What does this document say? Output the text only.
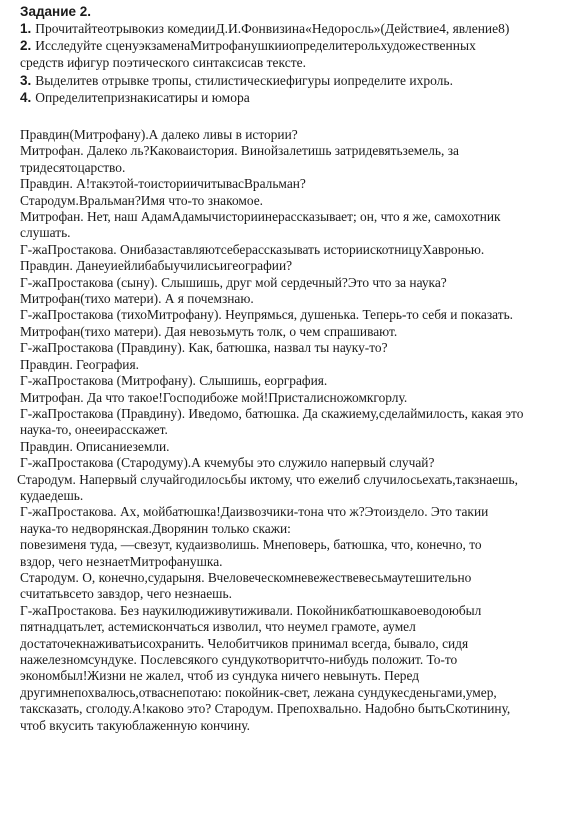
Задание 2.
1. Прочитайтеотрывокиз комедииД.И.Фонвизина«Недоросль»(Действие4, явление8)
2. Исследуйте сценуэкзаменаМитрофанушкииопределитерольхудожественных
средств ифигур поэтического синтаксисав тексте.
3. Выделитев отрывке тропы, стилистическиефигуры иопределите ихроль.
4. Определитепризнакисатиры и юмора

Правдин(Митрофану).А далеко ливы в истории?

Митрофан. Далеко ль?Каковаистория. Винойзалетишь затридевятьземель, за

тридесятоцарство.

Правдин. А!такэтой-тоисториичитывасВральман?

Стародум.Вральман?Имя что-то знакомое.

Митрофан. Нет, наш АдамАдамычисториинерассказывает; он, что я же, самохотник

слушать.

Г-жаПростакова. Онибазаставляютсеберассказывать историискотницуХавронью.

Правдин. Данеуиейлибабыучилисьигеографии?

Г-жаПростакова (сыну). Слышишь, друг мой сердечный?Это что за наука?

Митрофан(тихо матери). А я почемзнаю.

Г-жаПростакова (тихоМитрофану). Неупрямься, душенька. Теперь-то себя и показать.

Митрофан(тихо матери). Дая невозьмуть толк, о чем спрашивают.

Г-жаПростакова (Правдину). Как, батюшка, назвал ты науку-то?

Правдин. География.

Г-жаПростакова (Митрофану). Слышишь, еорграфия.

Митрофан. Да что такое!Господибоже мой!Присталисножомкгорлу.

Г-жаПростакова (Правдину). Иведомо, батюшка. Да скажиему,сделаймилость, какая это

наука-то, онееирасскажет.

Правдин. Описаниеземли.

Г-жаПростакова (Стародуму).А кчемубы это служило напервый случай?

Стародум. Напервый случайгодилосьбы иктому, что ежелиб случилосьехать,такзнаешь,

кудаедешь.

Г-жаПростакова. Ах, мойбатюшка!Даизвозчики-тона что ж?Этоиздело. Это такии

наука-то недворянская.Дворянин только скажи:

повезименя туда, —свезут, кудаизволишь. Мнеповерь, батюшка, что, конечно, то

вздор, чего незнаетМитрофанушка.

Стародум. О, конечно,сударыня. Вчеловеческомневежествевесьмаутешительно

считатьвсето завздор, чего незнаешь.

Г-жаПростакова. Без наукилюдиживутиживали. Покойникбатюшкавоеводоюбыл

пятнадцатьлет, астемискончаться изволил, что неумел грамоте, аумел

достаточекнаживатьисохранить. Челобитчиков принимал всегда, бывало, сидя

нажелезномсундуке. Послевсякого сундукотворитчто-нибудь положит. То-то

экономбыл!Жизни не жалел, чтоб из сундука ничего невынуть. Перед

другимнепохвалюсь,отваснепотаю: покойник-свет, лежана сундукесденьгами,умер,

таксказать, сголоду.А!каково это? Стародум. Препохвально. Надобно бытьСкотинину,

чтоб вкусить такуюблаженную кончину.
